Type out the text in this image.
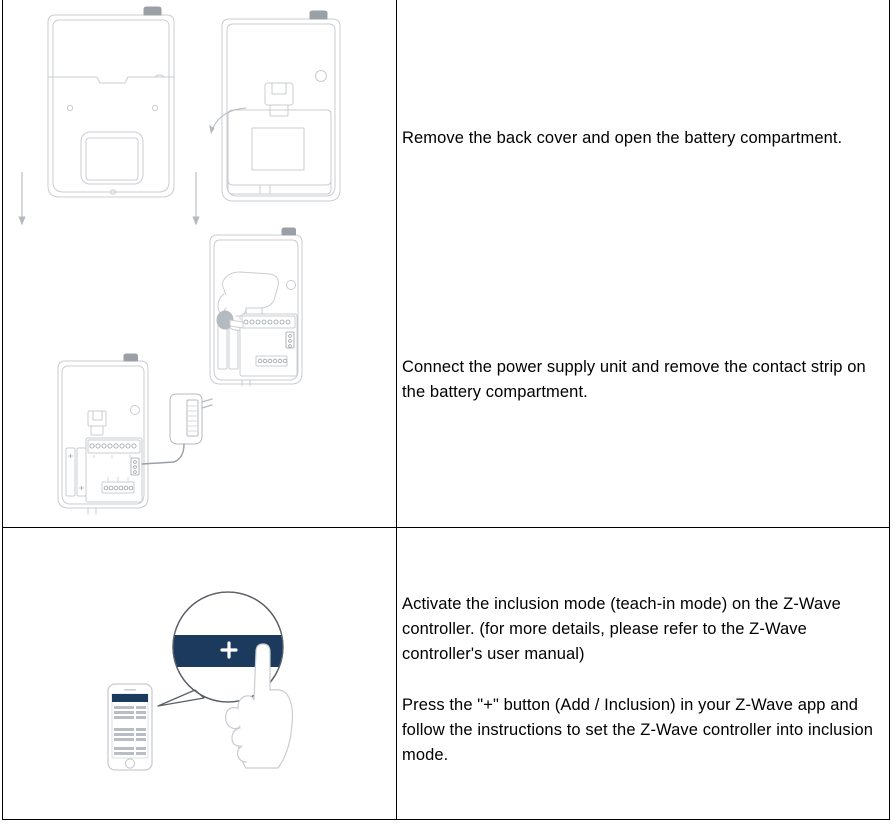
Remove the back cover and open the battery compartment.

Connect the power supply unit and remove the contact strip on the battery compartment.

Activate the inclusion mode (teach-in mode) on the Z-Wave controller. (for more details, please refer to the Z-Wave controller's user manual)

Press the "+" button (Add / Inclusion) in your Z-Wave app and follow the instructions to set the Z-Wave controller into inclusion mode.
